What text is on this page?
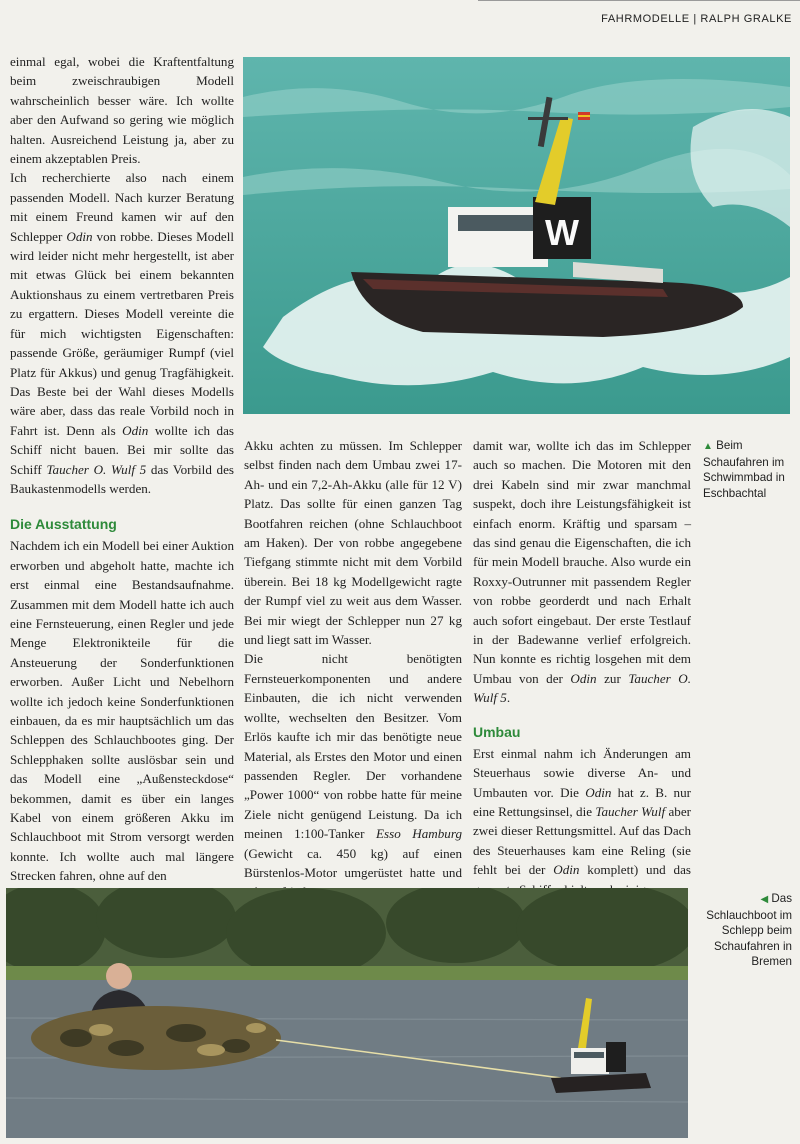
FAHRMODELLE | RALPH GRALKE
W

einmal egal, wobei die Kraftentfaltung beim zweischraubigen Modell wahrscheinlich besser wäre. Ich wollte aber den Aufwand so gering wie möglich halten. Ausreichend Leistung ja, aber zu einem akzeptablen Preis.

Ich recherchierte also nach einem passenden Modell. Nach kurzer Beratung mit einem Freund kamen wir auf den Schlepper Odin von robbe. Dieses Modell wird leider nicht mehr hergestellt, ist aber mit etwas Glück bei einem bekannten Auktionshaus zu einem vertretbaren Preis zu ergattern. Dieses Modell vereinte die für mich wichtigsten Eigenschaften: passende Größe, geräumiger Rumpf (viel Platz für Akkus) und genug Tragfähigkeit. Das Beste bei der Wahl dieses Modells wäre aber, dass das reale Vorbild noch in Fahrt ist. Denn als Odin wollte ich das Schiff nicht bauen. Bei mir sollte das Schiff Taucher O. Wulf 5 das Vorbild des Baukastenmodells werden.

Die Ausstattung

Nachdem ich ein Modell bei einer Auktion erworben und abgeholt hatte, machte ich erst einmal eine Bestandsaufnahme. Zusammen mit dem Modell hatte ich auch eine Fernsteuerung, einen Regler und jede Menge Elektronikteile für die Ansteuerung der Sonderfunktionen erworben. Außer Licht und Nebelhorn wollte ich jedoch keine Sonderfunktionen einbauen, da es mir hauptsächlich um das Schleppen des Schlauchbootes ging. Der Schlepphaken sollte auslösbar sein und das Modell eine „Außensteckdose“ bekommen, damit es über ein langes Kabel von einem größeren Akku im Schlauchboot mit Strom versorgt werden konnte. Ich wollte auch mal längere Strecken fahren, ohne auf den

Akku achten zu müssen. Im Schlepper selbst finden nach dem Umbau zwei 17-Ah- und ein 7,2-Ah-Akku (alle für 12 V) Platz. Das sollte für einen ganzen Tag Bootfahren reichen (ohne Schlauchboot am Haken). Der von robbe angegebene Tiefgang stimmte nicht mit dem Vorbild überein. Bei 18 kg Modellgewicht ragte der Rumpf viel zu weit aus dem Wasser. Bei mir wiegt der Schlepper nun 27 kg und liegt satt im Wasser.

Die nicht benötigten Fernsteuerkomponenten und andere Einbauten, die ich nicht verwenden wollte, wechselten den Besitzer. Vom Erlös kaufte ich mir das benötigte neue Material, als Erstes den Motor und einen passenden Regler. Der vorhandene „Power 1000“ von robbe hatte für meine Ziele nicht genügend Leistung. Da ich meinen 1:100-Tanker Esso Hamburg (Gewicht ca. 450 kg) auf einen Bürstenlos-Motor umgerüstet hatte und

damit war, wollte ich das im Schlepper auch so machen. Die Motoren mit den drei Kabeln sind mir zwar manchmal suspekt, doch ihre Leistungsfähigkeit ist einfach enorm. Kräftig und sparsam – das sind genau die Eigenschaften, die ich für mein Modell brauche. Also wurde ein Roxxy-Outrunner mit passendem Regler von robbe georderdt und nach Erhalt auch sofort eingebaut. Der erste Testlauf in der Badewanne verlief erfolgreich. Nun konnte es richtig losgehen mit dem Umbau von der Odin zur Taucher O. Wulf 5.

Umbau

Erst einmal nahm ich Änderungen am Steuerhaus sowie diverse An- und Umbauten vor. Die Odin hat z. B. nur eine Rettungsinsel, die Taucher Wulf aber zwei dieser Rettungsmittel. Auf das Dach des Steuerhauses kam eine Reling (sie fehlt bei der Odin komplett) und das

▲ Beim Schaufahren im Schwimmbad in Eschbachtal
◀ Das Schlauchboot im Schlepp beim Schaufahren in Bremen
